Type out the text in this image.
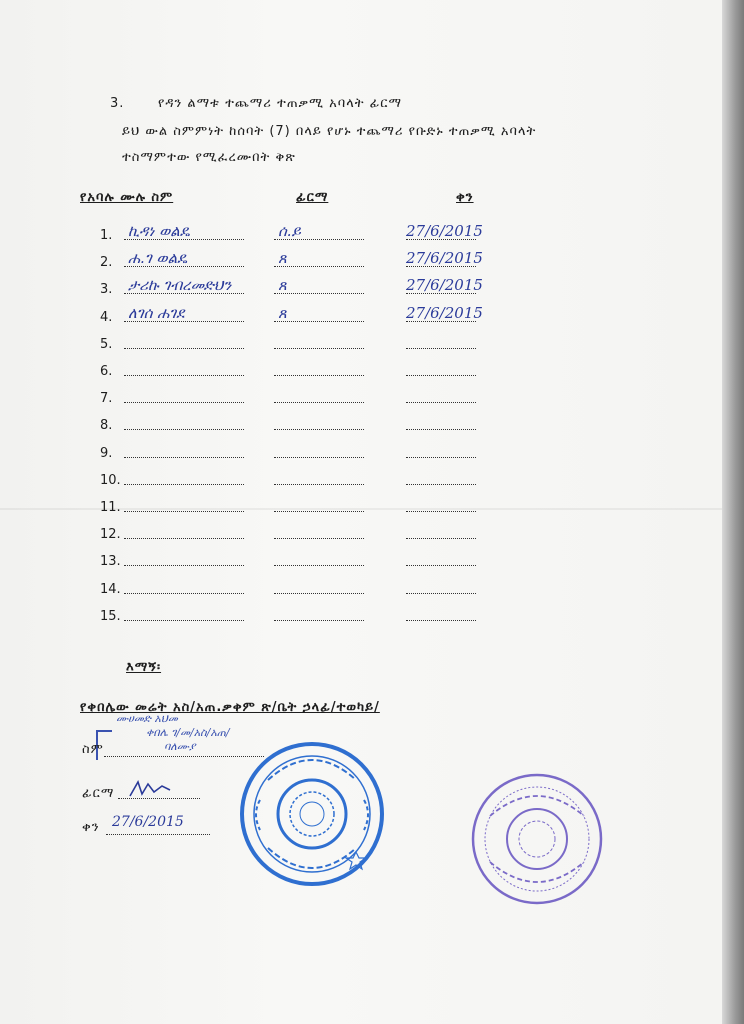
3.	የዳን ልማቱ ተጨማሪ ተጠቃሚ አባላት ፊርማ
ይህ ውል ስምምነት ከሰባት (7) በላይ የሆኑ ተጨማሪ የቡድኑ ተጠቃሚ አባላት
ተስማምተው የሚፈረሙበት ቅጽ
የአባሉ ሙሉ ስም	ፊርማ	ቀን
1. ኪዳነ ወልዴ	ሰ.ይ	27/6/2015
2. ሐ.ገ ወልዴ	ጸ	27/6/2015
3. ታሪኩ ገብረመድህን	ጸ	27/6/2015
4. ለገሰ ሐገደ	ጸ	27/6/2015
5.
6.
7.
8.
9.
10.
11.
12.
13.
14.
15.
እማኝ፡
የቀበሌው መሬት አስ/አጠ.ቃቀም ጽ/ቤት ኃላፊ/ተወካይ/
ሙሀመድ አህመ
ቀበሌ ገ/መ/አስ/አጠ/
ባለሙያ
ስም
ፊርማ
ቀን 27/6/2015
